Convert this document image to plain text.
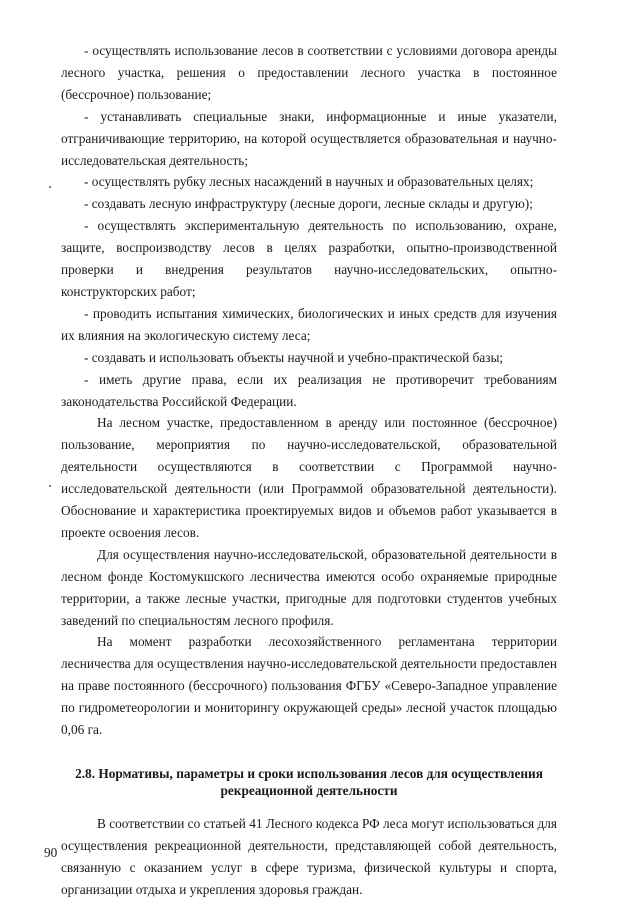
- осуществлять использование лесов в соответствии с условиями договора аренды лесного участка, решения о предоставлении лесного участка в постоянное (бессрочное) пользование;

- устанавливать специальные знаки, информационные и иные указатели, отграничивающие территорию, на которой осуществляется образовательная и научно-исследовательская деятельность;

- осуществлять рубку лесных насаждений в научных и образовательных целях;

- создавать лесную инфраструктуру (лесные дороги, лесные склады и другую);

- осуществлять экспериментальную деятельность по использованию, охране, защите, воспроизводству лесов в целях разработки, опытно-производственной проверки и внедрения результатов научно-исследовательских, опытно-конструкторских работ;

- проводить испытания химических, биологических и иных средств для изучения их влияния на экологическую систему леса;

- создавать и использовать объекты научной и учебно-практической базы;

- иметь другие права, если их реализация не противоречит требованиям законодательства Российской Федерации.

На лесном участке, предоставленном в аренду или постоянное (бессрочное) пользование, мероприятия по научно-исследовательской, образовательной деятельности осуществляются в соответствии с Программой научно-исследовательской деятельности (или Программой образовательной деятельности). Обоснование и характеристика проектируемых видов и объемов работ указывается в проекте освоения лесов.

Для осуществления научно-исследовательской, образовательной деятельности в лесном фонде Костомукшского лесничества имеются особо охраняемые природные территории, а также лесные участки, пригодные для подготовки студентов учебных заведений по специальностям лесного профиля.

На момент разработки лесохозяйственного регламентана территории лесничества для осуществления научно-исследовательской деятельности предоставлен на праве постоянного (бессрочного) пользования ФГБУ «Северо-Западное управление по гидрометеорологии и мониторингу окружающей среды» лесной участок площадью 0,06 га.

2.8. Нормативы, параметры и сроки использования лесов для осуществления
рекреационной деятельности

В соответствии со статьей 41 Лесного кодекса РФ леса могут использоваться для осуществления рекреационной деятельности, представляющей собой деятельность, связанную с оказанием услуг в сфере туризма, физической культуры и спорта, организации отдыха и укрепления здоровья граждан.

90
